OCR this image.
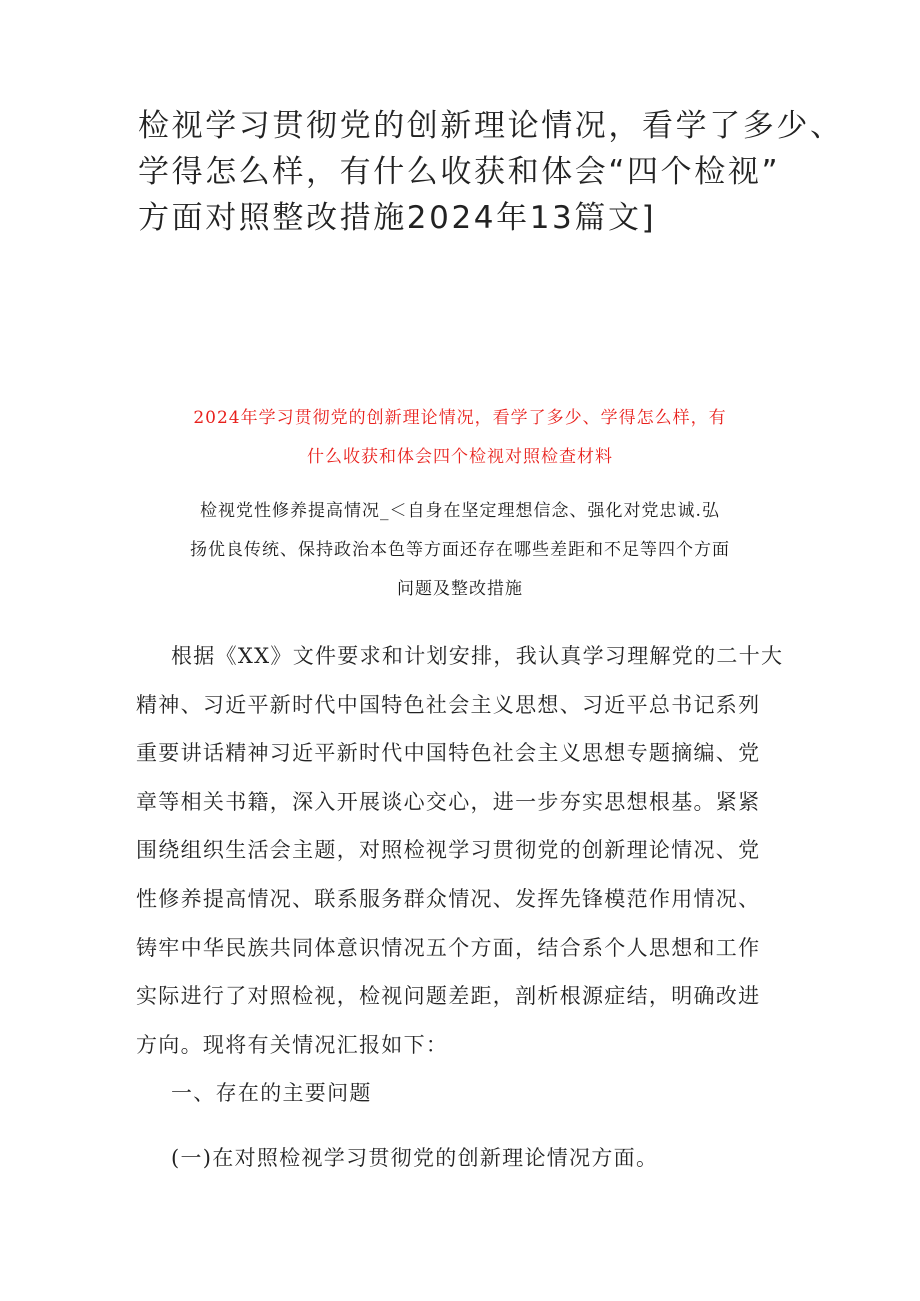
检视学习贯彻党的创新理论情况，看学了多少、
学得怎么样，有什么收获和体会“四个检视”
方面对照整改措施2024年13篇文]
2024年学习贯彻党的创新理论情况，看学了多少、学得怎么样，有
什么收获和体会四个检视对照检查材料
检视党性修养提高情况_＜自身在坚定理想信念、强化对党忠诚.弘
扬优良传统、保持政治本色等方面还存在哪些差距和不足等四个方面
问题及整改措施
根据《XX》文件要求和计划安排，我认真学习理解党的二十大
精神、习近平新时代中国特色社会主义思想、习近平总书记系列
重要讲话精神习近平新时代中国特色社会主义思想专题摘编、党
章等相关书籍，深入开展谈心交心，进一步夯实思想根基。紧紧
围绕组织生活会主题，对照检视学习贯彻党的创新理论情况、党
性修养提高情况、联系服务群众情况、发挥先锋模范作用情况、
铸牢中华民族共同体意识情况五个方面，结合系个人思想和工作
实际进行了对照检视，检视问题差距，剖析根源症结，明确改进
方向。现将有关情况汇报如下：
一、存在的主要问题
(一)在对照检视学习贯彻党的创新理论情况方面。
